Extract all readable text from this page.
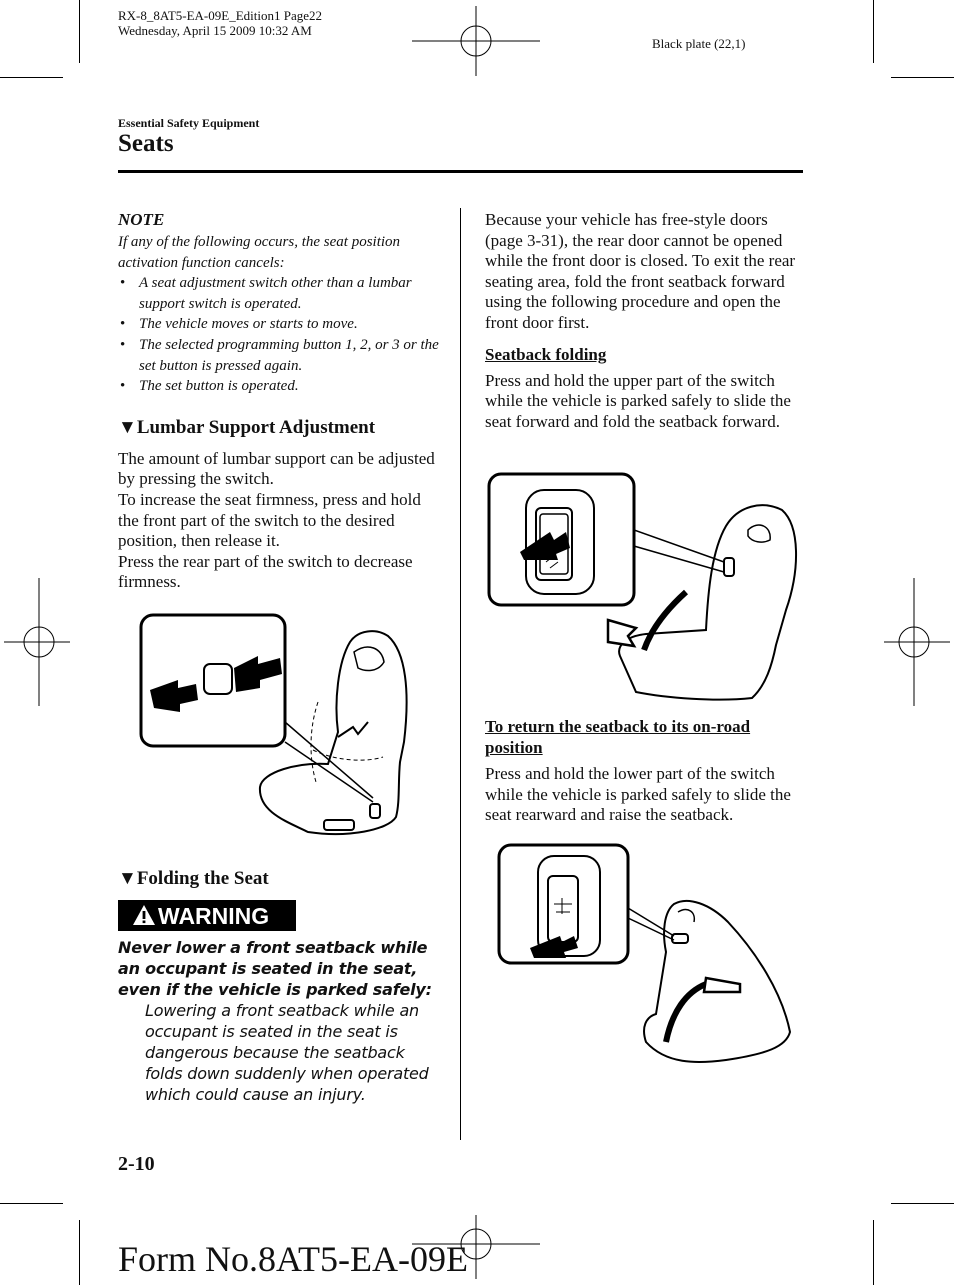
RX-8_8AT5-EA-09E_Edition1 Page22
Wednesday, April 15 2009 10:32 AM
Black plate (22,1)
Essential Safety Equipment
Seats

NOTE

If any of the following occurs, the seat position activation function cancels:

• A seat adjustment switch other than a lumbar support switch is operated.
• The vehicle moves or starts to move.
• The selected programming button 1, 2, or 3 or the set button is pressed again.
• The set button is operated.
▼Lumbar Support Adjustment

The amount of lumbar support can be adjusted by pressing the switch.

To increase the seat firmness, press and hold the front part of the switch to the desired position, then release it.

Press the rear part of the switch to decrease firmness.

▼Folding the Seat
WARNING

Never lower a front seatback while an occupant is seated in the seat, even if the vehicle is parked safely:

Lowering a front seatback while an occupant is seated in the seat is dangerous because the seatback folds down suddenly when operated which could cause an injury.

Because your vehicle has free-style doors (page 3-31), the rear door cannot be opened while the front door is closed. To exit the rear seating area, fold the front seatback forward using the following procedure and open the front door first.

Seatback folding

Press and hold the upper part of the switch while the vehicle is parked safely to slide the seat forward and fold the seatback forward.

To return the seatback to its on-road position

Press and hold the lower part of the switch while the vehicle is parked safely to slide the seat rearward and raise the seatback.

2-10
Form No.8AT5-EA-09E
